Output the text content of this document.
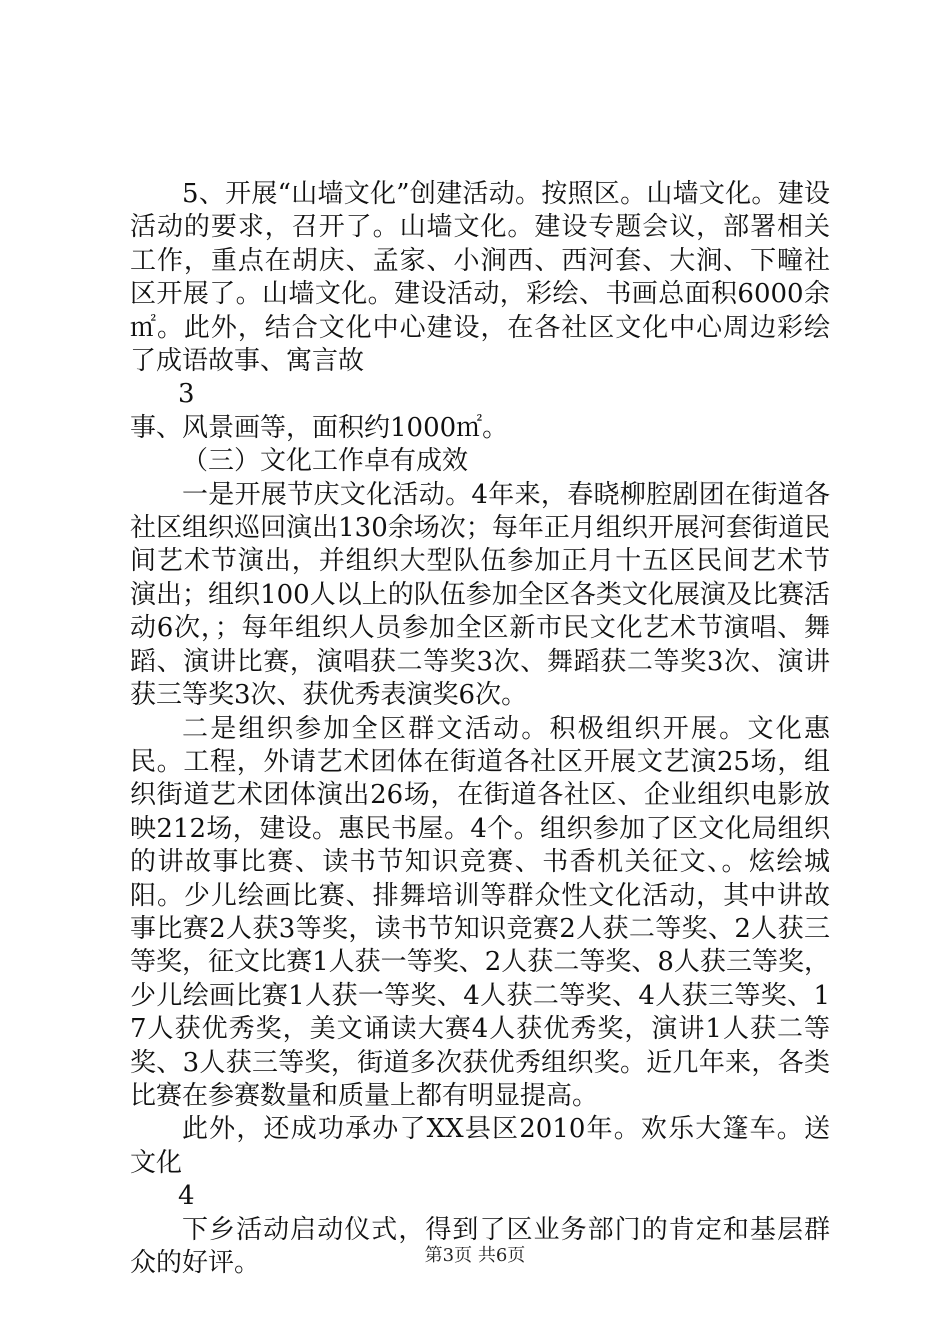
5、开展“山墙文化”创建活动。按照区。山墙文化。建设活动的要求，召开了。山墙文化。建设专题会议，部署相关工作，重点在胡庆、孟家、小涧西、西河套、大涧、下疃社区开展了。山墙文化。建设活动，彩绘、书画总面积6000余㎡。此外，结合文化中心建设，在各社区文化中心周边彩绘了成语故事、寓言故

3

事、风景画等，面积约1000㎡。

（三）文化工作卓有成效

一是开展节庆文化活动。4年来，春晓柳腔剧团在街道各社区组织巡回演出130余场次；每年正月组织开展河套街道民间艺术节演出，并组织大型队伍参加正月十五区民间艺术节演出；组织100人以上的队伍参加全区各类文化展演及比赛活动6次，；每年组织人员参加全区新市民文化艺术节演唱、舞蹈、演讲比赛，演唱获二等奖3次、舞蹈获二等奖3次、演讲获三等奖3次、获优秀表演奖6次。

二是组织参加全区群文活动。积极组织开展。文化惠民。工程，外请艺术团体在街道各社区开展文艺演25场，组织街道艺术团体演出26场，在街道各社区、企业组织电影放映212场，建设。惠民书屋。4个。组织参加了区文化局组织的讲故事比赛、读书节知识竞赛、书香机关征文、。炫绘城阳。少儿绘画比赛、排舞培训等群众性文化活动，其中讲故事比赛2人获3等奖，读书节知识竞赛2人获二等奖、2人获三等奖，征文比赛1人获一等奖、2人获二等奖、8人获三等奖，少儿绘画比赛1人获一等奖、4人获二等奖、4人获三等奖、17人获优秀奖，美文诵读大赛4人获优秀奖，演讲1人获二等奖、3人获三等奖，街道多次获优秀组织奖。近几年来，各类比赛在参赛数量和质量上都有明显提高。

此外，还成功承办了XX县区2010年。欢乐大篷车。送文化

4

下乡活动启动仪式，得到了区业务部门的肯定和基层群众的好评。	第3页 共6页
